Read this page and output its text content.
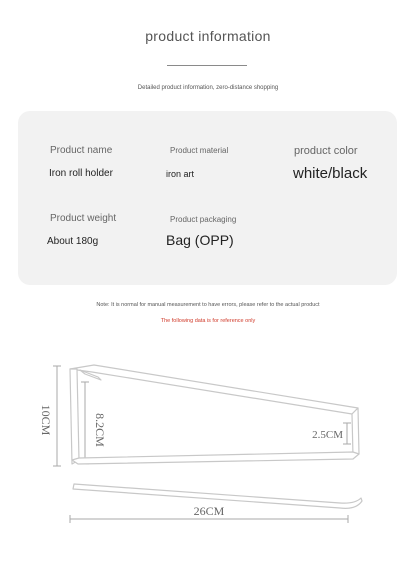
product information
Detailed product information, zero-distance shopping
Product name
Iron roll holder
Product material
iron art
product color
white/black
Product weight
About 180g
Product packaging
Bag (OPP)
Note: It is normal for manual measurement to have errors, please refer to the actual product
The following data is for reference only
10CM	8.2CM	2.5CM
26CM
